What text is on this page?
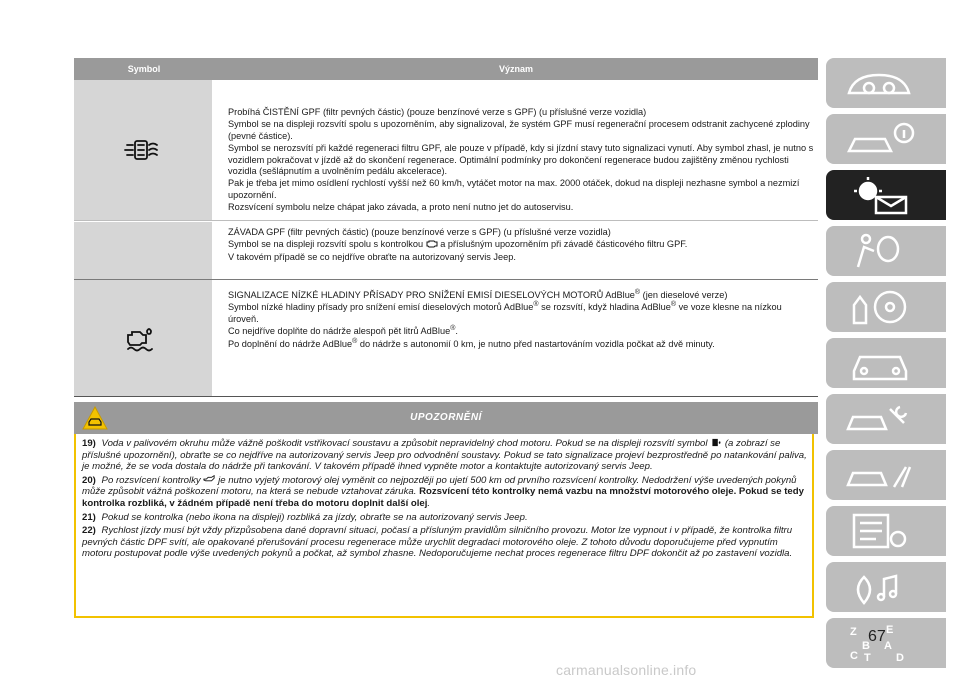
Symbol	Význam

Probíhá ČISTĚNÍ GPF (filtr pevných částic) (pouze benzínové verze s GPF) (u příslušné verze vozidla)

Symbol se na displeji rozsvítí spolu s upozorněním, aby signalizoval, že systém GPF musí regenerační procesem odstranit zachycené zplodiny (pevné částice).

Symbol se nerozsvítí při každé regeneraci filtru GPF, ale pouze v případě, kdy si jízdní stavy tuto signalizaci vynutí. Aby symbol zhasl, je nutno s vozidlem pokračovat v jízdě až do skončení regenerace. Optimální podmínky pro dokončení regenerace budou zajištěny změnou rychlosti vozidla (sešlápnutím a uvolněním pedálu akcelerace).

Pak je třeba jet mimo osídlení rychlostí vyšší než 60 km/h, vytáčet motor na max. 2000 otáček, dokud na displeji nezhasne symbol a nezmizí upozornění.

Rozsvícení symbolu nelze chápat jako závada, a proto není nutno jet do autoservisu.

ZÁVADA GPF (filtr pevných částic) (pouze benzínové verze s GPF) (u příslušné verze vozidla)

Symbol se na displeji rozsvítí spolu s kontrolkou a příslušným upozorněním při závadě částicového filtru GPF.

V takovém případě se co nejdříve obraťte na autorizovaný servis Jeep.

SIGNALIZACE NÍZKÉ HLADINY PŘÍSADY PRO SNÍŽENÍ EMISÍ DIESELOVÝCH MOTORŮ AdBlue® (jen dieselové verze)

Symbol nízké hladiny přísady pro snížení emisí dieselových motorů AdBlue® se rozsvítí, když hladina AdBlue® ve voze klesne na nízkou úroveň.

Co nejdříve doplňte do nádrže alespoň pět litrů AdBlue®.

Po doplnění do nádrže AdBlue® do nádrže s autonomií 0 km, je nutno před nastartováním vozidla počkat až dvě minuty.

UPOZORNĚNÍ

19) Voda v palivovém okruhu může vážně poškodit vstřikovací soustavu a způsobit nepravidelný chod motoru. Pokud se na displeji rozsvítí symbol (a zobrazí se příslušné upozornění), obraťte se co nejdříve na autorizovaný servis Jeep pro odvodnění soustavy. Pokud se tato signalizace projeví bezprostředně po natankování paliva, je možné, že se voda dostala do nádrže při tankování. V takovém případě ihned vypněte motor a kontaktujte autorizovaný servis Jeep.

20) Po rozsvícení kontrolky je nutno vyjetý motorový olej vyměnit co nejpozději po ujetí 500 km od prvního rozsvícení kontrolky. Nedodržení výše uvedených pokynů může způsobit vážná poškození motoru, na která se nebude vztahovat záruka. Rozsvícení této kontrolky nemá vazbu na množství motorového oleje. Pokud se tedy kontrolka rozbliká, v žádném případě není třeba do motoru doplnit další olej.

21) Pokud se kontrolka (nebo ikona na displeji) rozbliká za jízdy, obraťte se na autorizovaný servis Jeep.

22) Rychlost jízdy musí být vždy přizpůsobena dané dopravní situaci, počasí a přísluným pravidlům silničního provozu. Motor lze vypnout i v případě, že kontrolka filtru pevných částic DPF svítí, ale opakované přerušování procesu regenerace může urychlit degradaci motorového oleje. Z tohoto důvodu doporučujeme před vypnutím motoru postupovat podle výše uvedených pokynů a počkat, až symbol zhasne. Nedoporučujeme nechat proces regenerace filtru DPF dokončit až po zastavení vozidla.

Z
B
E
C
A
T D
67
carmanualsonline.info
